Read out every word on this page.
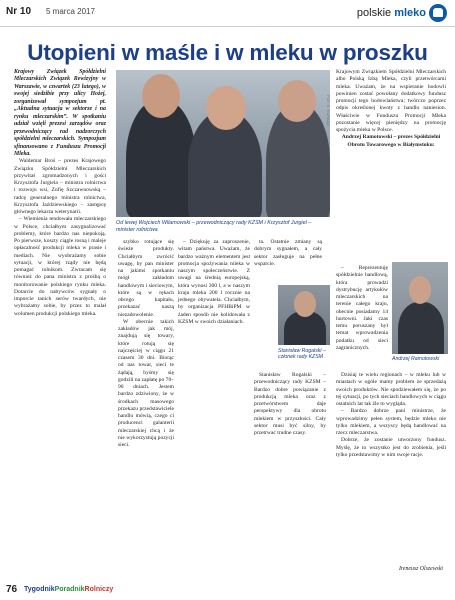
Nr 10 5 marca 2017	polskie mleko
Utopieni w maśle i w mleku w proszku

Krajowy Związek Spółdzielni Mleczarskich Związek Rewizyjny w Warszawie, w czwartek (23 lutego), w swojej siedzibie przy ulicy Hożej, zorganizował sympozjum pt. „Aktualna sytuacja w sektorze i na rynku mleczarskim”. W spotkaniu udział wzięli prezesi zarządów oraz przewodniczący rad nadzorczych spółdzielni mleczarskich. Sympozjum sfinansowano z Funduszu Promocji Mleka.

Waldemar Broś – prezes Krajowego Związku Spółdzielni Mleczarskich przywitał zgromadzonych i gości Krzysztofa Jurgiela – ministra rolnictwa i rozwoju wsi, Zofię Szczawnowską – radcę generalnego ministra rolnictwa, Krzysztofa Jaździewskiego – zastępcę głównego lekarza weterynarii.

– Wiemienia tendowała mleczarskiego w Polsce, chciałbym zasygnalizować problemy, które bardzo nas niepokoją. Po pierwsze, koszty ciągle rosną i maleje opłacalność produkcji mleka w prasie i mediach. Nie wyobrażamy sobie sytuacji, w której rządy nie będą pomagać rolnikom. Zwracam się również do pana ministra z prośbą o monitorowanie polskiego rynku mleka. Dotarcie do nabywców sygnały o imporcie tanich serów twardych, nie wybrażamy sobie, by przez to malał wolumen produkcji polskiego mleka.

FOT. K. KURASZ
Od lewej Wojciech Wilamowski – przewodniczący rady KZSM i Krzysztof Jurgiel – minister rolnictwa

szybko rotujące się świeże produkty. Chciałbym zwrócić uwagę, by pan minister na jakimś spotkaniu mógł zakładom handlowym i sieciowym, które są w rękach obcego kapitału, przekazać naszą niezadowolenie.

W obecnie takich zakładów jak mój, znajdują się towary, które rotują się najczęściej w ciągu 21 czasem 30 dni. Biorąc od nas towar, sieci te żądają, byśmy się godzili na zapłatę po 70–90 dniach. Jestem bardzo zdziwiony, że w środkach masowego przekazu przedstawiciele handlu mówią, czego ci producenci galanterii mleczarskiej chcą i że nie wykorzystują pozycji sieci.

– Dziękuję za zaproszenie, witam państwa. Uważam, że bardzo ważnym elementem jest promocja spożywania mleka w naszym społeczeństwie. Z uwagi na średnią europejską, która wynosi 300 l, a w naszym kraju mleka 200 l rocznie na jednego obywatela. Chciałbym, by organizacja PFHBiPM w żaden sposób nie kolidowała z KZSM w swoich działaniach.

ta. Ostatnie zmiany są dobrym sygnałem, a cały sektor zasługuje na pełne wsparcie.

Stanisław Rogalski – członek rady KZSM

Stanisław Rogalski – przewodniczący rady KZSM – Bardzo dobre powiązanie z produkcją mleka oraz z przetwórstwem daje perspektywy dla obrotu mlekiem w przyszłości. Cały sektor musi być silny, by przetrwać trudne czasy.

Krajowym Związkiem Spółdzielni Mleczarskich albo Polską Izbą Mleka, czyli przetwórcami mleka. Uważam, że na wspieranie hodowli powinien zostać powołany dodatkowy fundusz promocji tego hodowlaństwa; twórczo poprzez odpis określonej kwoty z handlu naniesion. Właściwie w Funduszu Promocji Mleka pozostanie więcej pieniędzy na promocję spożycia mleka w Polsce.

Andrzej Ramotowski – prezes Spółdzielni Obrotu Towarowego w Białymstoku:

– Reprezentuję spółdzielnie handlową, która prowadzi dystrybucję artykułów mleczarskich na terenie całego kraju, obecnie posiadamy 14 hurtowni. Jaki czas temu poruszany był temat wprowadzenia podatku od sieci zagranicznych.

Andrzej Ramotowski

Dzisiaj te wielu regionach – w mleku lub w miastach w ogóle mamy problem ze sprzedażą swoich produktów. Nie spodziewałem się, że po tej sytuacji, po tych sieciach handlowych w ciągu ostatnich lat tak źle to wygląda.

– Bardzo dobrze pani ministrze, że wprowadzimy pełen system, będzie mleko nie tylko mlekiem, a wszyscy będą handlować na rzecz mleczarstwa.

Dobrze, że zostanie utworzony fundusz. Myślę, że to wszystko jest do zrobienia, jeśli tylko przedstawimy w nim swoje racje.

Ireneusz Olszewski
76 TygodnikPoradnikRolniczy
